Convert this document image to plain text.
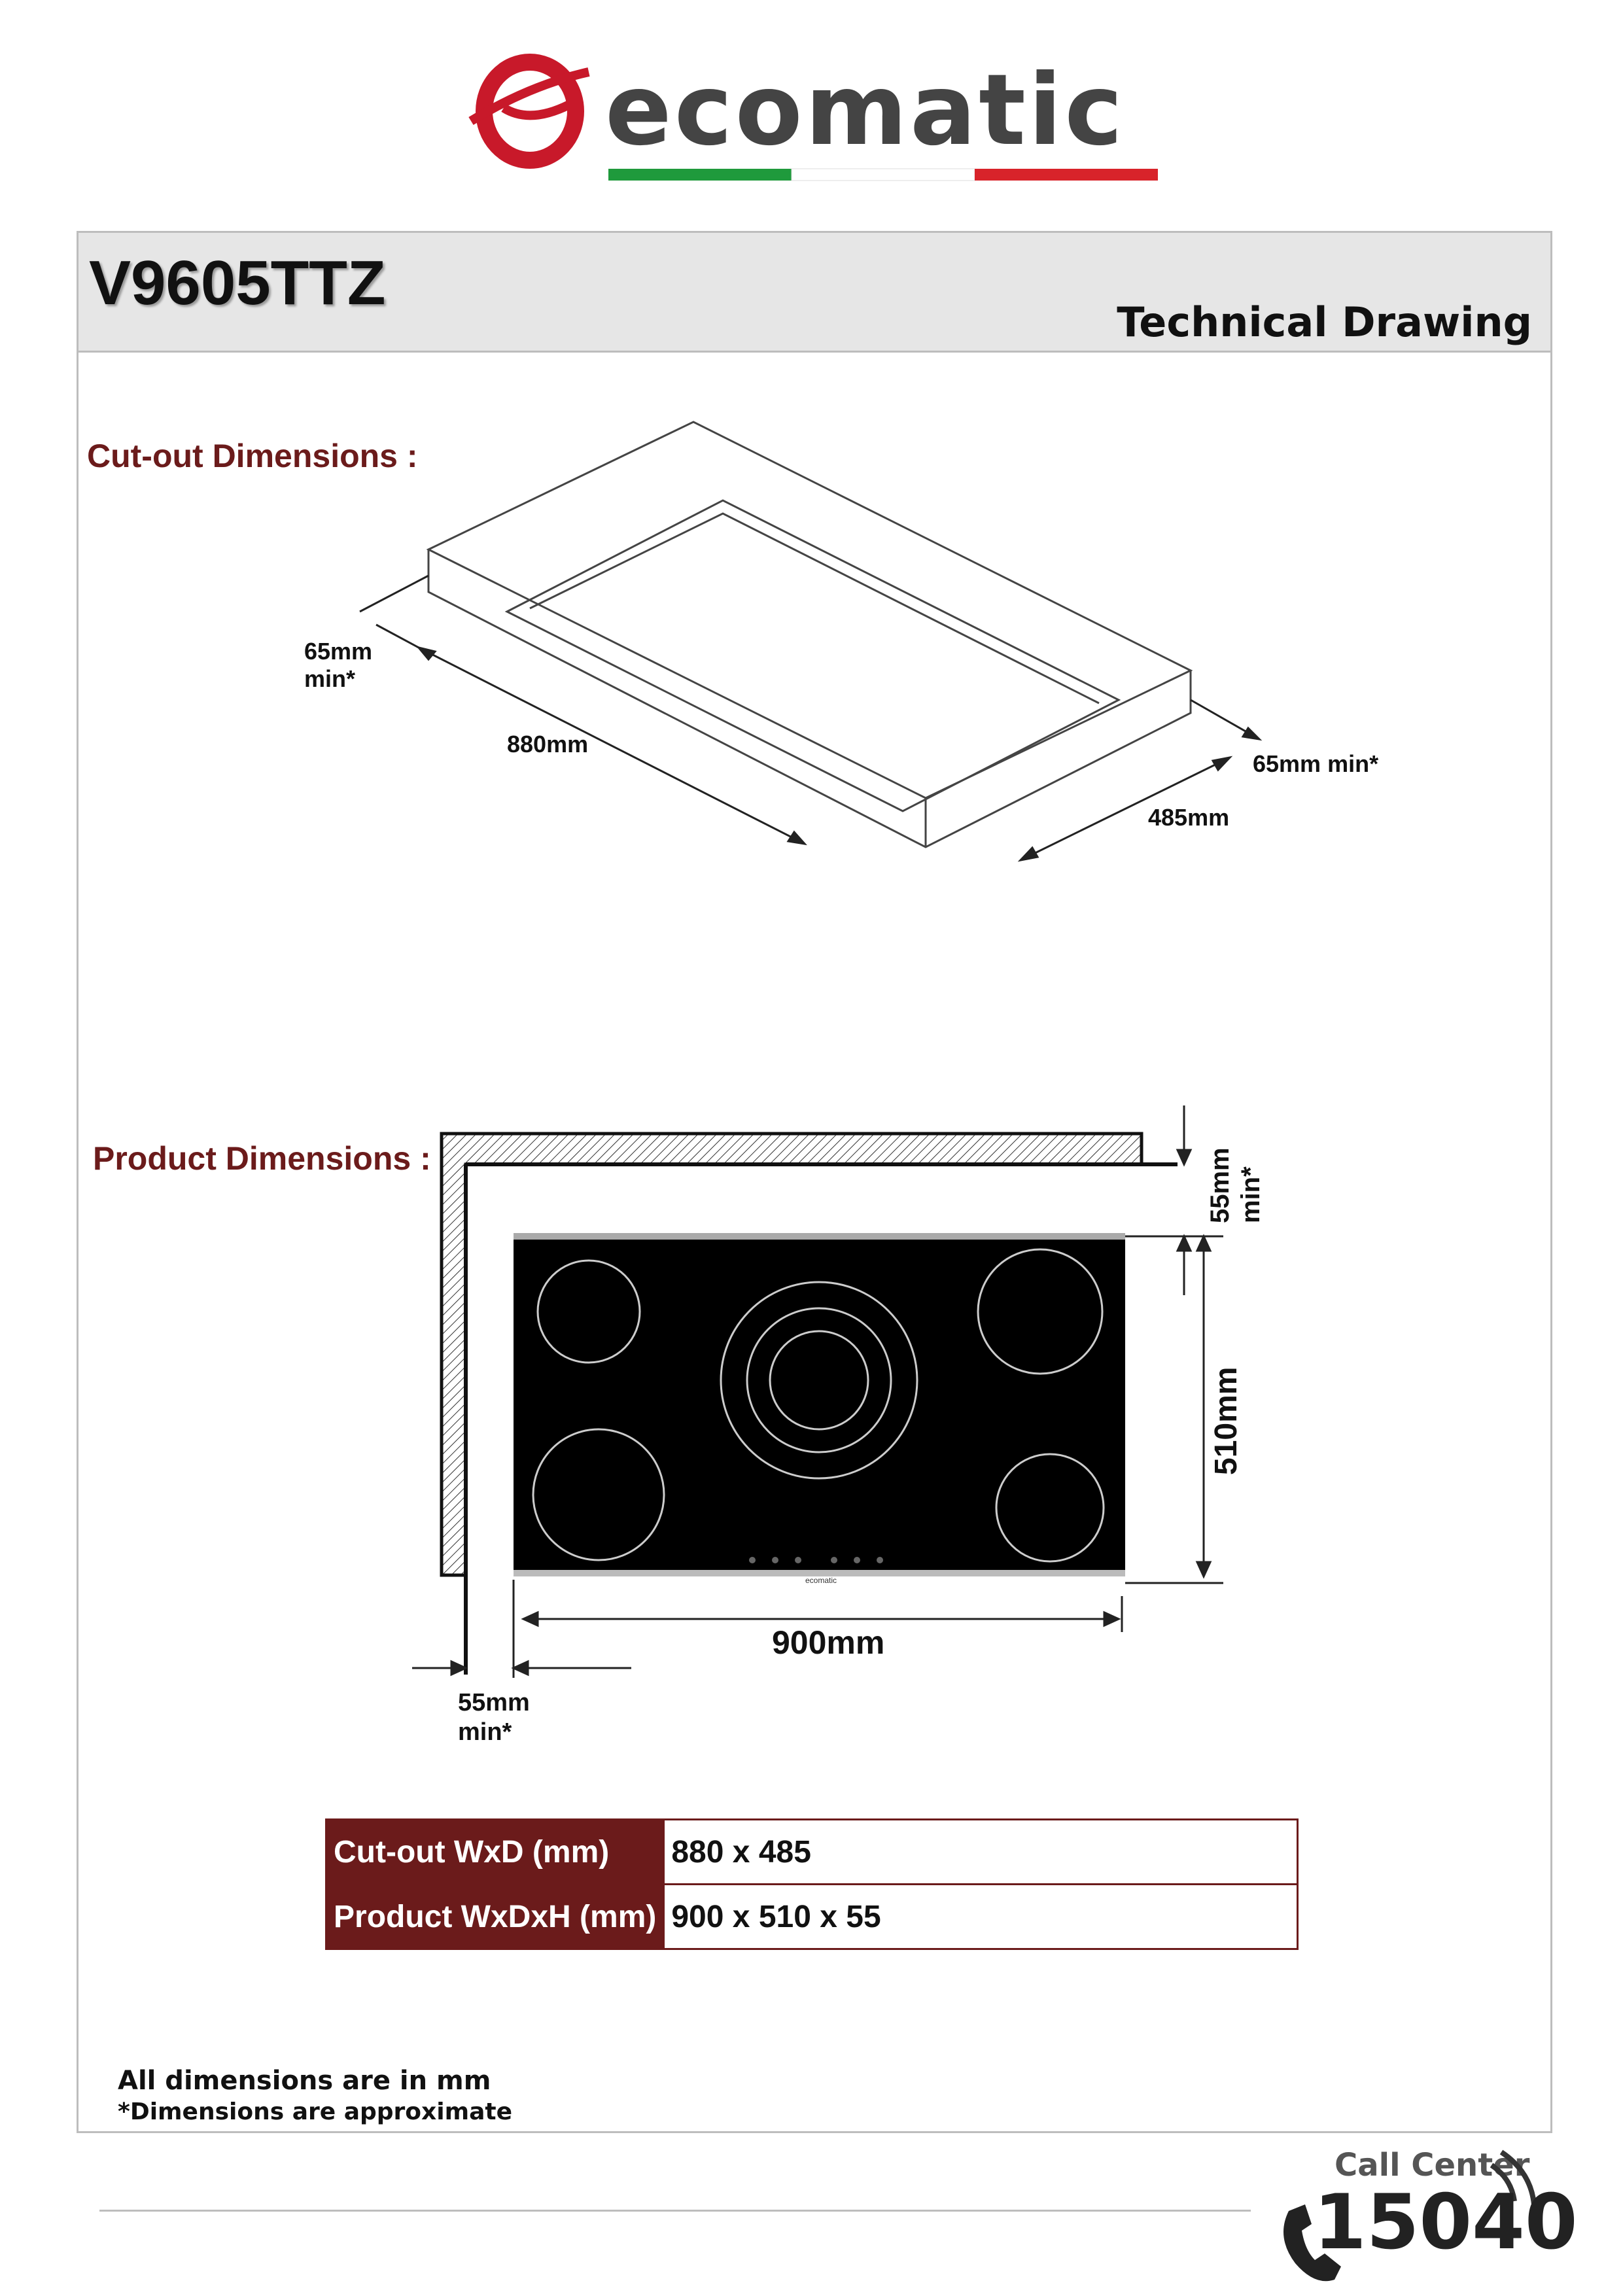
ecomatic
V9605TTZ
Technical Drawing
Cut-out Dimensions :
65mm
min*
880mm
485mm
65mm min*
Product Dimensions :
ecomatic
55mm min*
510mm
900mm
55mm
min*
Cut-out WxD (mm)	880 x 485
Product WxDxH (mm)	900 x 510 x 55
All dimensions are in mm
*Dimensions are approximate
Call Center
15040
